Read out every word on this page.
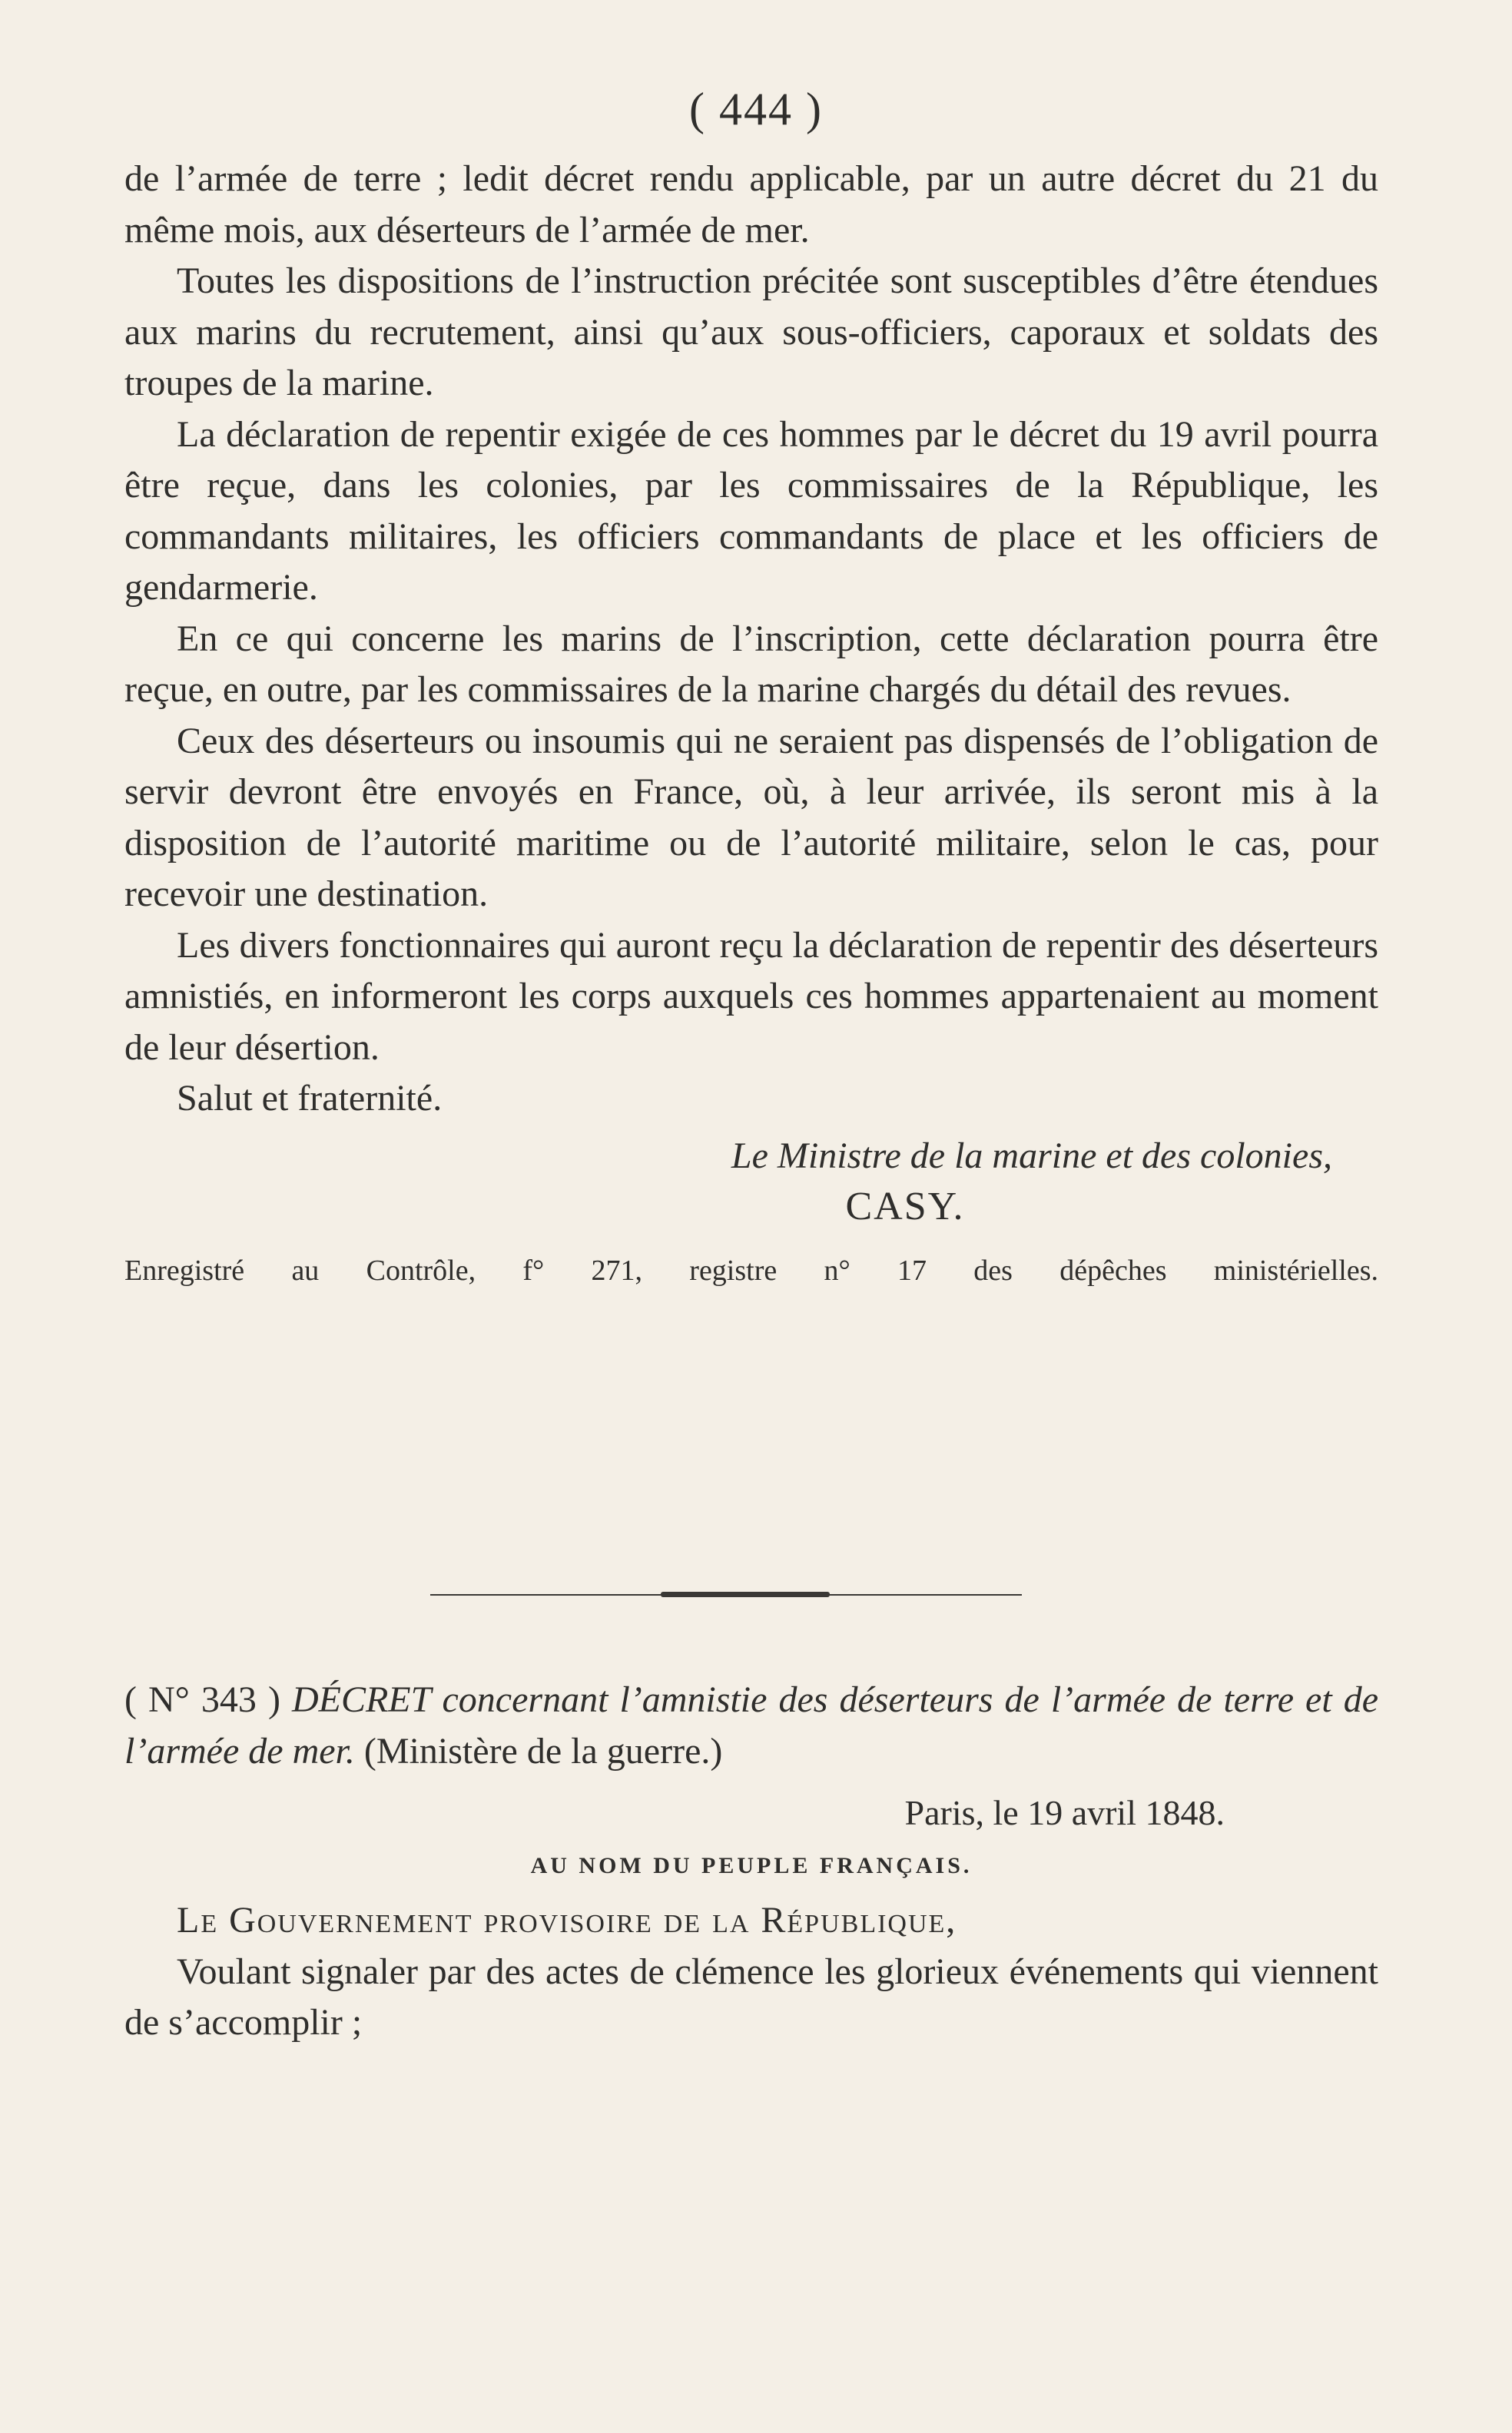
( 444 )

de l’armée de terre ; ledit décret rendu applicable, par un autre décret du 21 du même mois, aux déserteurs de l’armée de mer.

Toutes les dispositions de l’instruction précitée sont susceptibles d’être étendues aux marins du recrutement, ainsi qu’aux sous-officiers, caporaux et soldats des troupes de la marine.

La déclaration de repentir exigée de ces hommes par le décret du 19 avril pourra être reçue, dans les colonies, par les commissaires de la République, les commandants militaires, les officiers commandants de place et les officiers de gendarmerie.

En ce qui concerne les marins de l’inscription, cette déclaration pourra être reçue, en outre, par les commissaires de la marine chargés du détail des revues.

Ceux des déserteurs ou insoumis qui ne seraient pas dispensés de l’obligation de servir devront être envoyés en France, où, à leur arrivée, ils seront mis à la disposition de l’autorité maritime ou de l’autorité militaire, selon le cas, pour recevoir une destination.

Les divers fonctionnaires qui auront reçu la déclaration de repentir des déserteurs amnistiés, en informeront les corps auxquels ces hommes appartenaient au moment de leur désertion.

Salut et fraternité.

Le Ministre de la marine et des colonies,

CASY.

Enregistré au Contrôle, f° 271, registre n° 17 des dépêches ministérielles.

( N° 343 ) DÉCRET concernant l’amnistie des déserteurs de l’armée de terre et de l’armée de mer. (Ministère de la guerre.)

Paris, le 19 avril 1848.

AU NOM DU PEUPLE FRANÇAIS.

Le Gouvernement provisoire de la République,

Voulant signaler par des actes de clémence les glorieux événements qui viennent de s’accomplir ;
